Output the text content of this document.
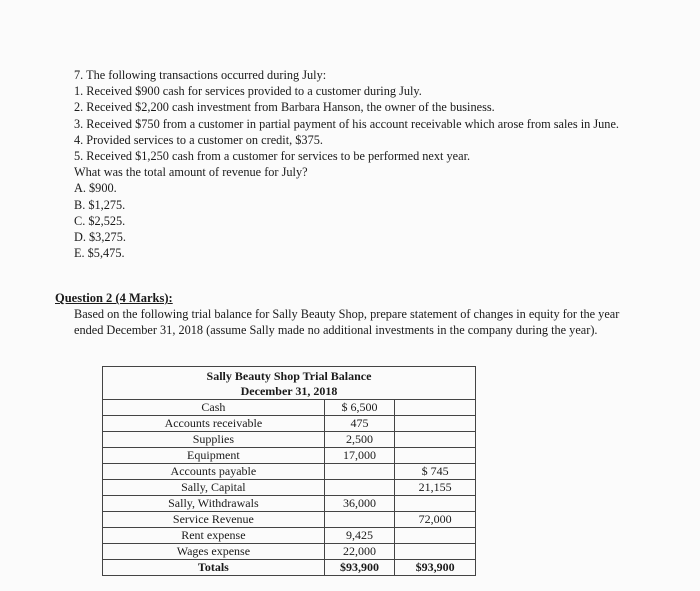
7. The following transactions occurred during July:
1. Received $900 cash for services provided to a customer during July.
2. Received $2,200 cash investment from Barbara Hanson, the owner of the business.
3. Received $750 from a customer in partial payment of his account receivable which arose from sales in June.
4. Provided services to a customer on credit, $375.
5. Received $1,250 cash from a customer for services to be performed next year.
What was the total amount of revenue for July?
A. $900.
B. $1,275.
C. $2,525.
D. $3,275.
E. $5,475.
Question 2 (4 Marks):
Based on the following trial balance for Sally Beauty Shop, prepare statement of changes in equity for the year ended December 31, 2018 (assume Sally made no additional investments in the company during the year).
Sally Beauty Shop Trial Balance		
December 31, 2018		
Cash	$ 6,500	
Accounts receivable	475	
Supplies	2,500	
Equipment	17,000	
Accounts payable		$ 745
Sally, Capital		21,155
Sally, Withdrawals	36,000	
Service Revenue		72,000
Rent expense	9,425	
Wages expense	22,000	
Totals	$93,900	$93,900
